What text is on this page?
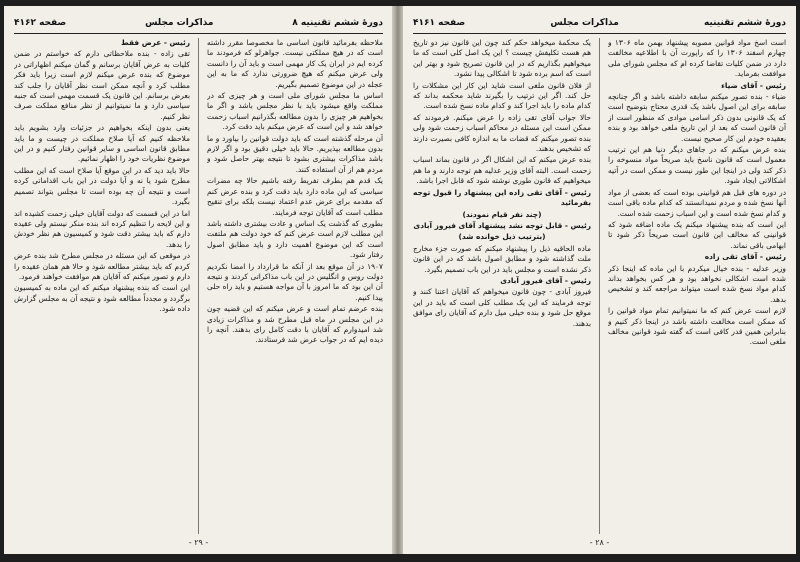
صفحه ۴۱۶۲	مذاکرات مجلس	۸ دورهٔ ششم تقنینیه

ملاحظه بفرمائید قانون اساسی ما مخصوصا مقرر داشته است که در هیچ مملکتی نیست. جواهرلو که فرمودند ما کرده ایم در ایران یک کار مهمی است و باید آن را دانست ولی عرض میکنم که هیچ ضرورتی ندارد که ما به این عجله در این موضوع تصمیم بگیریم.

اساس ما مجلس شورای ملی است و هر چیزی که در مملکت واقع میشود باید با نظر مجلس باشد و اگر ما بخواهیم هر چیزی را بدون مطالعه بگذرانیم اسباب زحمت خواهد شد و این است که عرض میکنم باید دقت کرد.

آن مرحله گذشته است که باید دولت قوانین را بیاورد و ما بدون مطالعه بپذیریم. حالا باید خیلی دقیق بود و اگر لازم باشد مذاکرات بیشتری بشود تا نتیجه بهتر حاصل شود و مردم هم از آن استفاده کنند.

یک قدم هم بطرف تفریط رفته باشیم حالا چه مضرات سیاسی که این ماده دارد باید دقت کرد و بنده عرض کنم که مقدمه برای عرض عدم اعتماد نیست بلکه برای تنقیح مطلب است که آقایان توجه فرمایند.

بطوری که گذشت یک اساس و عادت بیشتری داشته باشد این مطلب لازم است عرض کنم که خود دولت هم ملتفت است که این موضوع اهمیت دارد و باید مطابق اصول رفتار شود.

۱۹۰۷ در آن موقع بعد از آنکه ما قرارداد را امضا نکردیم دولت روس و انگلیس در این باب مذاکراتی کردند و نتیجه آن این بود که ما امروز با آن مواجه هستیم و باید راه حلی پیدا کنیم.

بنده عرضم تمام است و عرض میکنم که این قضیه چون در این مجلس در ماه قبل مطرح شد و مذاکرات زیادی شد امیدوارم که آقایان با دقت کامل رای بدهند. آنچه را دیده ایم که در جواب عرض شد فرستادند.

رئیس - عرض فقط

تقی زاده - بنده ملاحظاتی دارم که خواستم در ضمن کلیات به عرض آقایان برسانم و گمان میکنم اظهاراتی در موضوع که بنده عرض میکنم لازم است زیرا باید فکر مطلب کرد و آنچه ممکن است نظر آقایان را جلب کند بعرض برسانم. این قانون یک قسمت مهمی است که جنبه سیاسی دارد و ما نمیتوانیم از نظر منافع مملکت صرف نظر کنیم.

یعنی بدون اینکه بخواهیم در جزئیات وارد بشویم باید ملاحظه کنیم که آیا صلاح مملکت در چیست و ما باید مطابق قانون اساسی و سایر قوانین رفتار کنیم و در این موضوع نظریات خود را اظهار نمائیم.

حالا باید دید که در این موقع آیا صلاح است که این مطلب مطرح شود یا نه و آیا دولت در این باب اقداماتی کرده است و نتیجه آن چه بوده است تا مجلس بتواند تصمیم بگیرد.

اما در این قسمت که دولت آقایان خیلی زحمت کشیده اند و این لایحه را تنظیم کرده اند بنده منکر نیستم ولی عقیده دارم که باید بیشتر دقت شود و کمیسیون هم نظر خودش را بدهد.

در موقعی که این مسئله در مجلس مطرح شد بنده عرض کردم که باید بیشتر مطالعه شود و حالا هم همان عقیده را دارم و تصور میکنم که آقایان هم موافقت خواهند فرمود.

این است که بنده پیشنهاد میکنم که این ماده به کمیسیون برگردد و مجدداً مطالعه شود و نتیجه آن به مجلس گزارش داده شود.

- ۲۹ -
صفحه ۴۱۶۱	مذاکرات مجلس	دورهٔ ششم تقنینیه

است اسخ مواد قوانین مصوبه پیشنهاد بهمن ماه ۱۳۰۶ و چهارم اسفند ۱۳۰۶ را که راپورت آن با اطلاعیه مخالفت دارد در ضمن کلیات تقاضا کرده ام که مجلس شورای ملی موافقت بفرماید.

رئیس - آقای ضیاء

ضیاء - بنده تصور میکنم سابقه داشته باشد و اگر چنانچه سابقه برای این اصول باشد یک قدری محتاج بتوضیح است که یک قانونی بدون ذکر اسامی موادی که منظور است از آن قانون است که بعد از این تاریخ ملغی خواهد بود و بنده بعقیده خودم این کار صحیح نیست.

بنده عرض میکنم که در جاهای دیگر دنیا هم این ترتیب معمول است که قانون ناسخ باید صریحاً مواد منسوخه را ذکر کند ولی در اینجا این طور نیست و ممکن است در آتیه اشکالاتی ایجاد شود.

در دوره های قبل هم قوانینی بوده است که بعضی از مواد آنها نسخ شده و مردم نمیدانستند که کدام ماده باقی است و کدام نسخ شده است و این اسباب زحمت شده است.

این است که بنده پیشنهاد میکنم یک ماده اضافه شود که قوانینی که مخالف این قانون است صریحاً ذکر شود تا ابهامی باقی نماند.

رئیس - آقای تقی زاده

وزیر عدلیه - بنده خیال میکردم با این ماده که اینجا ذکر شده است اشکالی نخواهد بود و هر کس بخواهد بداند کدام مواد نسخ شده است میتواند مراجعه کند و تشخیص بدهد.

لازم است عرض کنم که ما نمیتوانیم تمام مواد قوانین را که ممکن است مخالفت داشته باشد در اینجا ذکر کنیم و بنابراین همین قدر کافی است که گفته شود قوانین مخالف ملغی است.

یک محکمهٔ میخواهد حکم کند چون این قانون نیز دو تاریخ هم هست تکلیفش چیست ؟ این یک اصل کلی است که ما میخواهیم بگذاریم که در این قانون تصریح شود و بهتر این است که اسم برده شود تا اشکالی پیدا نشود.

از فلان قانون ملغی است شاید این کار این مشکلات را حل کند. اگر این ترتیب را بگیرند شاید محکمه بداند که کدام ماده را باید اجرا کند و کدام ماده نسخ شده است.

حالا جواب آقای تقی زاده را عرض میکنم. فرمودند که ممکن است این مسئله در محاکم اسباب زحمت شود ولی بنده تصور میکنم که قضات ما به اندازه کافی بصیرت دارند که تشخیص بدهند.

بنده عرض میکنم که این اشکال اگر در قانون بماند اسباب زحمت است. البته آقای وزیر عدلیه هم توجه دارند و ما هم میخواهیم که قانون طوری نوشته شود که قابل اجرا باشد.

رئیس - آقای تقی زاده این پیشنهاد را قبول توجه بفرمائید

(چند نفر قیام نمودند)

رئیس - قابل توجه نشد پیشنهاد آقای فیروز آبادی

(بترتیب ذیل خوانده شد)

ماده الحاقیه ذیل را پیشنهاد میکنم که صورت جزء مخارج ملت گذاشته شود و مطابق اصول باشد که در این قانون ذکر نشده است و مجلس باید در این باب تصمیم بگیرد.

رئیس - آقای فیروز آبادی

فیروز آبادی - چون قانون میخواهم که آقایان اعتنا کنند و توجه فرمایند که این یک مطلب کلی است که باید در این موقع حل شود و بنده خیلی میل دارم که آقایان رای موافق بدهند.

- ۲۸ -
